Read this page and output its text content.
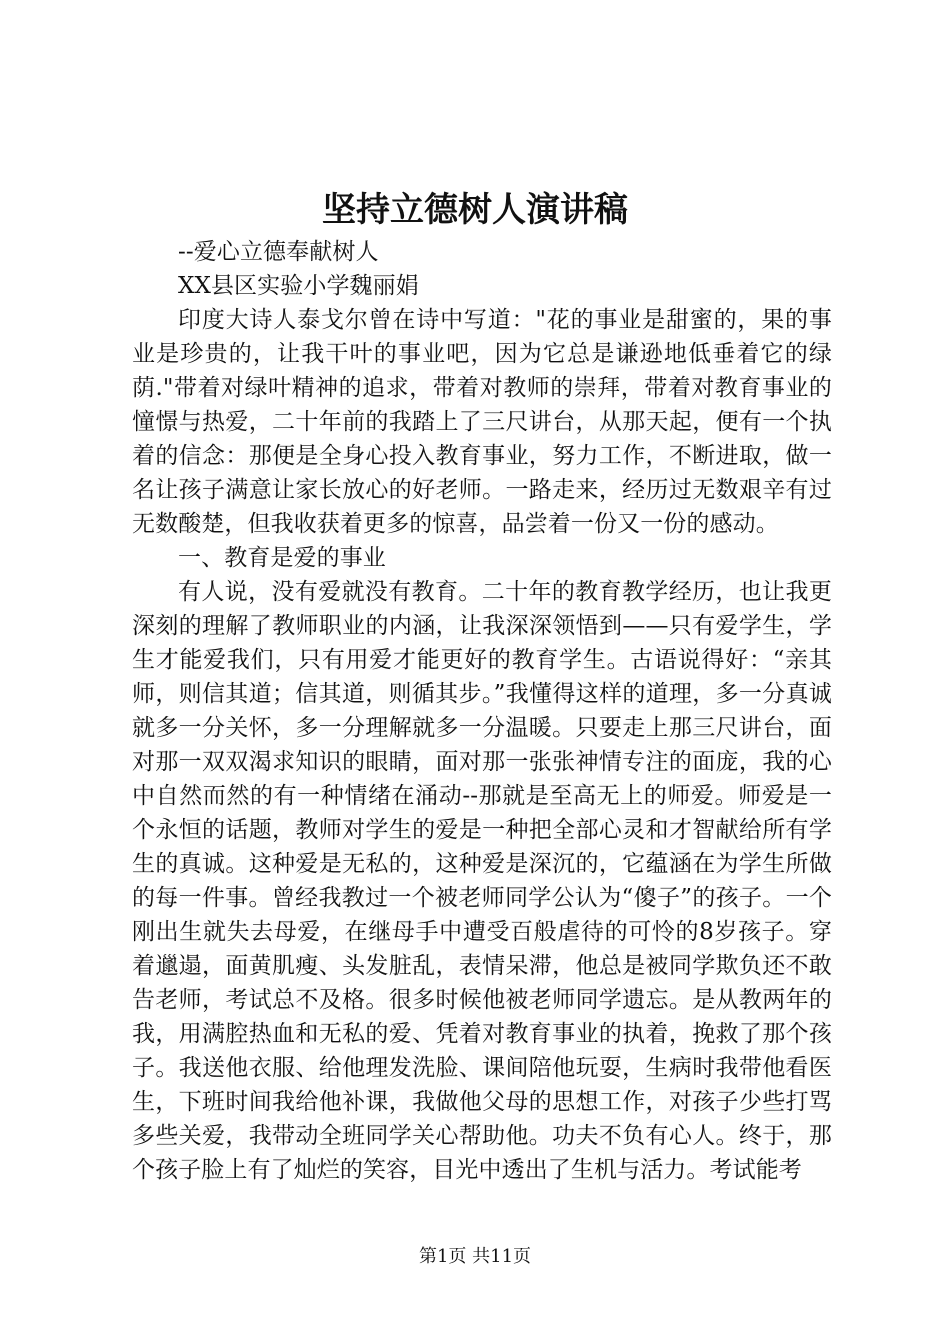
坚持立德树人演讲稿

--爱心立德奉献树人

XX县区实验小学魏丽娟

印度大诗人泰戈尔曾在诗中写道："花的事业是甜蜜的，果的事业是珍贵的，让我干叶的事业吧，因为它总是谦逊地低垂着它的绿荫."带着对绿叶精神的追求，带着对教师的崇拜，带着对教育事业的憧憬与热爱，二十年前的我踏上了三尺讲台，从那天起，便有一个执着的信念：那便是全身心投入教育事业，努力工作，不断进取，做一名让孩子满意让家长放心的好老师。一路走来，经历过无数艰辛有过无数酸楚，但我收获着更多的惊喜，品尝着一份又一份的感动。

一、教育是爱的事业

有人说，没有爱就没有教育。二十年的教育教学经历，也让我更深刻的理解了教师职业的内涵，让我深深领悟到——只有爱学生，学生才能爱我们，只有用爱才能更好的教育学生。古语说得好：“亲其师，则信其道；信其道，则循其步。”我懂得这样的道理，多一分真诚就多一分关怀，多一分理解就多一分温暖。只要走上那三尺讲台，面对那一双双渴求知识的眼睛，面对那一张张神情专注的面庞，我的心中自然而然的有一种情绪在涌动--那就是至高无上的师爱。师爱是一个永恒的话题，教师对学生的爱是一种把全部心灵和才智献给所有学生的真诚。这种爱是无私的，这种爱是深沉的，它蕴涵在为学生所做的每一件事。曾经我教过一个被老师同学公认为“傻子”的孩子。一个刚出生就失去母爱，在继母手中遭受百般虐待的可怜的8岁孩子。穿着邋遢，面黄肌瘦、头发脏乱，表情呆滞，他总是被同学欺负还不敢告老师，考试总不及格。很多时候他被老师同学遗忘。是从教两年的我，用满腔热血和无私的爱、凭着对教育事业的执着，挽救了那个孩子。我送他衣服、给他理发洗脸、课间陪他玩耍，生病时我带他看医生，下班时间我给他补课，我做他父母的思想工作，对孩子少些打骂多些关爱，我带动全班同学关心帮助他。功夫不负有心人。终于，那个孩子脸上有了灿烂的笑容，目光中透出了生机与活力。考试能考

第1页 共11页
